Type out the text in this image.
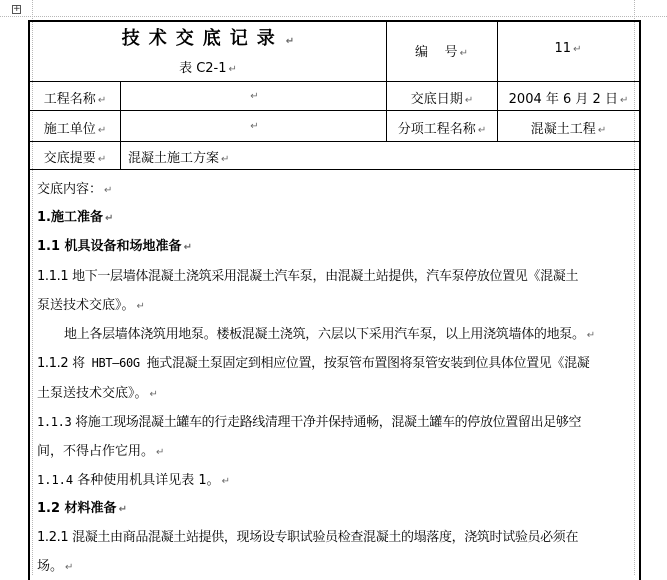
+
技术交底记录 ↵
表 C2-1 ↵
编    号 ↵	11 ↵
工程名称 ↵	↵	交底日期 ↵	2004 年 6 月 2 日 ↵
施工单位 ↵	↵	分项工程名称 ↵	混凝土工程 ↵
交底提要 ↵	混凝土施工方案 ↵
交底内容： ↵
1.施工准备 ↵
1.1 机具设备和场地准备 ↵
1.1.1 地下一层墙体混凝土浇筑采用混凝土汽车泵，由混凝土站提供，汽车泵停放位置见《混凝土
泵送技术交底》。 ↵
地上各层墙体浇筑用地泵。楼板混凝土浇筑，六层以下采用汽车泵，以上用浇筑墙体的地泵。 ↵
1.1.2 将 HBT—60G 拖式混凝土泵固定到相应位置，按泵管布置图将泵管安装到位具体位置见《混凝
土泵送技术交底》。 ↵
1.1.3 将施工现场混凝土罐车的行走路线清理干净并保持通畅，混凝土罐车的停放位置留出足够空
间，不得占作它用。 ↵
1.1.4 各种使用机具详见表 1。 ↵
1.2 材料准备 ↵
1.2.1 混凝土由商品混凝土站提供，现场设专职试验员检查混凝土的塌落度，浇筑时试验员必须在
场。 ↵
